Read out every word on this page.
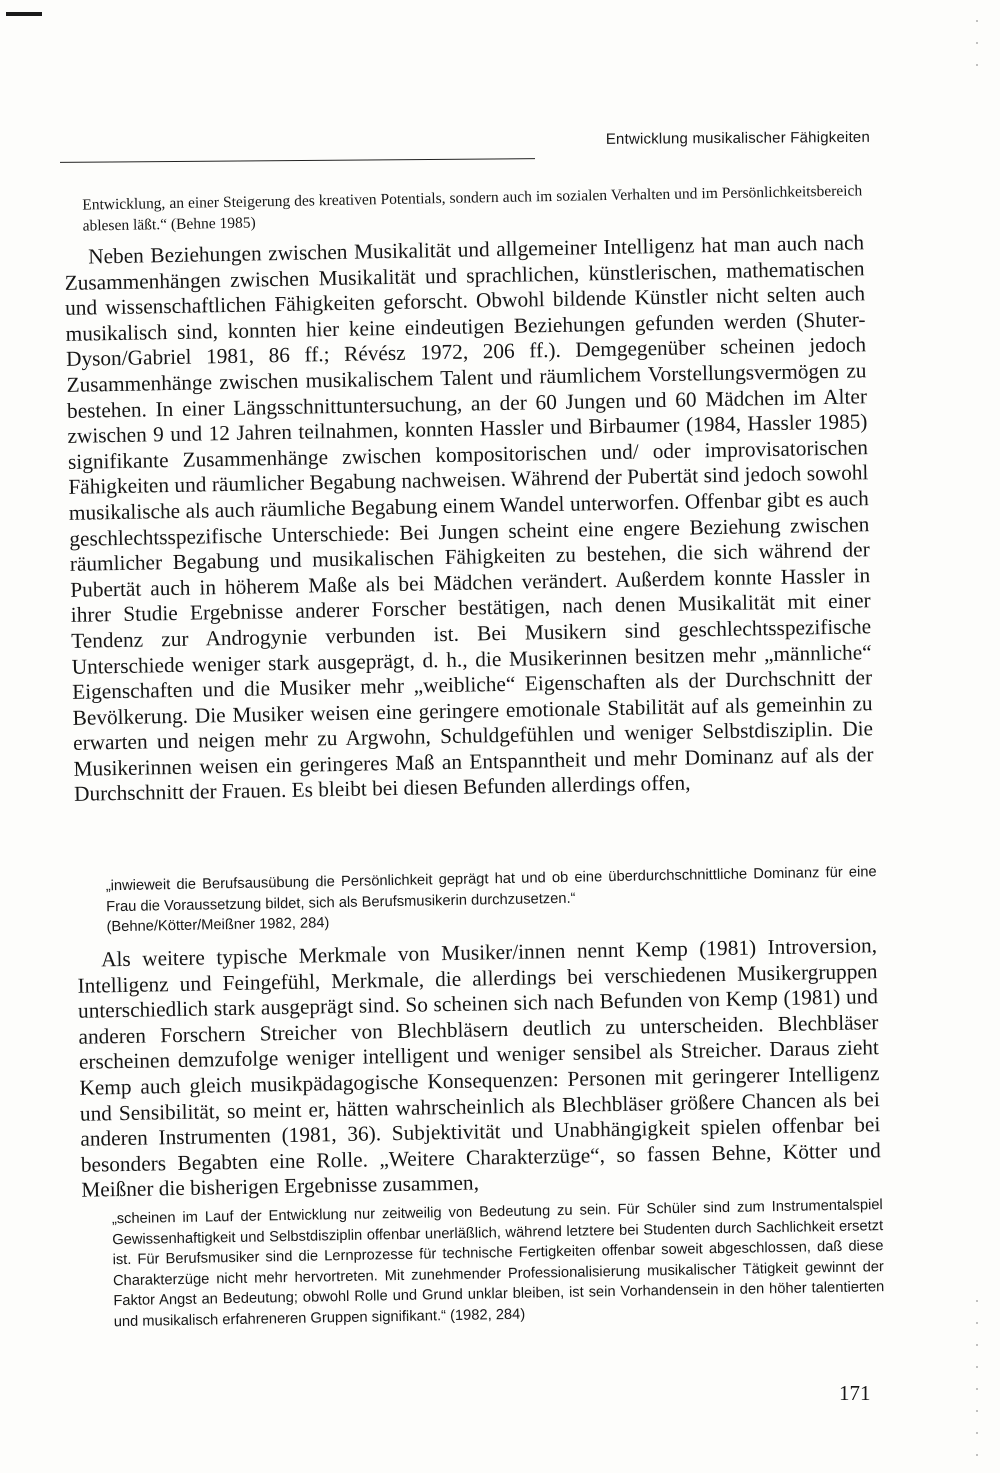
Entwicklung musikalischer Fähigkeiten

Entwicklung, an einer Steigerung des kreativen Potentials, sondern auch im sozialen Verhalten und im Persönlichkeitsbereich ablesen läßt.“ (Behne 1985)

Neben Beziehungen zwischen Musikalität und allgemeiner Intelligenz hat man auch nach Zusammenhängen zwischen Musikalität und sprachlichen, künstlerischen, mathematischen und wissenschaftlichen Fähigkeiten geforscht. Obwohl bildende Künstler nicht selten auch musikalisch sind, konnten hier keine eindeutigen Beziehungen gefunden werden (Shuter-Dyson/Gabriel 1981, 86 ff.; Révész 1972, 206 ff.). Demgegenüber scheinen jedoch Zusammenhänge zwischen musikalischem Talent und räumlichem Vorstellungsvermögen zu bestehen. In einer Längsschnittuntersuchung, an der 60 Jungen und 60 Mädchen im Alter zwischen 9 und 12 Jahren teilnahmen, konnten Hassler und Birbaumer (1984, Hassler 1985) signifikante Zusammenhänge zwischen kompositorischen und/ oder improvisatorischen Fähigkeiten und räumlicher Begabung nachweisen. Während der Pubertät sind jedoch sowohl musikalische als auch räumliche Begabung einem Wandel unterworfen. Offenbar gibt es auch geschlechtsspezifische Unterschiede: Bei Jungen scheint eine engere Beziehung zwischen räumlicher Begabung und musikalischen Fähigkeiten zu bestehen, die sich während der Pubertät auch in höherem Maße als bei Mädchen verändert. Außerdem konnte Hassler in ihrer Studie Ergebnisse anderer Forscher bestätigen, nach denen Musikalität mit einer Tendenz zur Androgynie verbunden ist. Bei Musikern sind geschlechtsspezifische Unterschiede weniger stark ausgeprägt, d. h., die Musikerinnen besitzen mehr „männliche“ Eigenschaften und die Musiker mehr „weibliche“ Eigenschaften als der Durchschnitt der Bevölkerung. Die Musiker weisen eine geringere emotionale Stabilität auf als gemeinhin zu erwarten und neigen mehr zu Argwohn, Schuldgefühlen und weniger Selbstdisziplin. Die Musikerinnen weisen ein geringeres Maß an Entspanntheit und mehr Dominanz auf als der Durchschnitt der Frauen. Es bleibt bei diesen Befunden allerdings offen,

„inwieweit die Berufsausübung die Persönlichkeit geprägt hat und ob eine überdurchschnittliche Dominanz für eine Frau die Voraussetzung bildet, sich als Berufsmusikerin durchzusetzen.“
(Behne/Kötter/Meißner 1982, 284)

Als weitere typische Merkmale von Musiker/innen nennt Kemp (1981) Introversion, Intelligenz und Feingefühl, Merkmale, die allerdings bei verschiedenen Musikergruppen unterschiedlich stark ausgeprägt sind. So scheinen sich nach Befunden von Kemp (1981) und anderen Forschern Streicher von Blechbläsern deutlich zu unterscheiden. Blechbläser erscheinen demzufolge weniger intelligent und weniger sensibel als Streicher. Daraus zieht Kemp auch gleich musikpädagogische Konsequenzen: Personen mit geringerer Intelligenz und Sensibilität, so meint er, hätten wahrscheinlich als Blechbläser größere Chancen als bei anderen Instrumenten (1981, 36). Subjektivität und Unabhängigkeit spielen offenbar bei besonders Begabten eine Rolle. „Weitere Charakterzüge“, so fassen Behne, Kötter und Meißner die bisherigen Ergebnisse zusammen,

„scheinen im Lauf der Entwicklung nur zeitweilig von Bedeutung zu sein. Für Schüler sind zum Instrumentalspiel Gewissenhaftigkeit und Selbstdisziplin offenbar unerläßlich, während letztere bei Studenten durch Sachlichkeit ersetzt ist. Für Berufsmusiker sind die Lernprozesse für technische Fertigkeiten offenbar soweit abgeschlossen, daß diese Charakterzüge nicht mehr hervortreten. Mit zunehmender Professionalisierung musikalischer Tätigkeit gewinnt der Faktor Angst an Bedeutung; obwohl Rolle und Grund unklar bleiben, ist sein Vorhandensein in den höher talentierten und musikalisch erfahreneren Gruppen signifikant.“ (1982, 284)

171
